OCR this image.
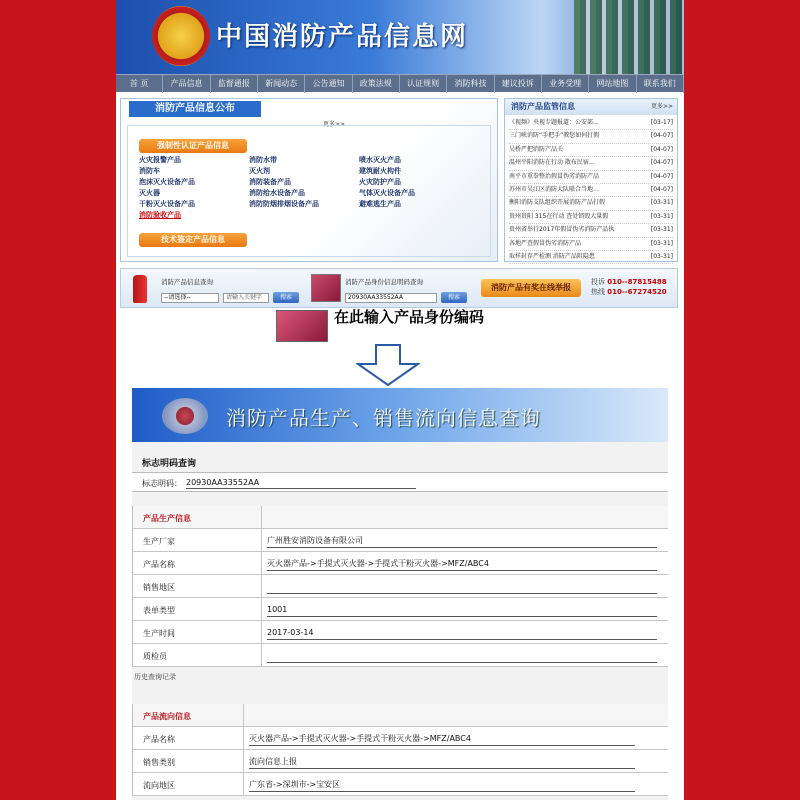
中国消防产品信息网
首 页	产品信息	监督通报	新闻动态	公告通知	政策法规	认证规则	消防科技	建议投诉	业务受理	网站地图	联系我们
消防产品信息公布
更多>>
强制性认证产品信息
火灾报警产品	消防水带	喷水灭火产品
消防车	灭火剂	建筑耐火构件
泡沫灭火设备产品	消防装备产品	火灾防护产品
灭火器	消防给水设备产品	气体灭火设备产品
干粉灭火设备产品	消防防烟排烟设备产品	避难逃生产品
消防验收产品
技术鉴定产品信息
消防产品监管信息	更多>>
《视频》央视专题报道：公安部…	[03-17]
三门峡消防“手把手”教您如何打假	[04-07]
吴桥严把消防产品关	[04-07]
温州平阳消防在行动 散布民宿…	[04-07]
南平市重拳整治假冒伪劣消防产品	[04-07]
苏州市吴江区消防大队联合当地…	[04-07]
衡阳消防支队组织开展消防产品打假	[03-31]
贵州贵阳 315在行动 查处销毁大量假	[03-31]
贵州省举行2017年假冒伪劣消防产品执	[03-31]
各地严查假冒伪劣消防产品	[03-31]
取样封存严检测 消防产品阻隐患	[03-31]
消防产品信息查询
--请选择--	请输入关键字	搜索
消防产品身份信息明码查询
20930AA33552AA	搜索
消防产品有奖在线举报
投诉 010--87815488
热线 010--67274520
在此输入产品身份编码
消防产品生产、销售流向信息查询
标志明码查询
标志明码： 20930AA33552AA
产品生产信息
生产厂家	广州胜安消防设备有限公司
产品名称	灭火器产品->手提式灭火器->手提式干粉灭火器->MFZ/ABC4
销售地区
表单类型	1001
生产时间	2017-03-14
质检员
历史查询记录
产品流向信息
产品名称	灭火器产品->手提式灭火器->手提式干粉灭火器->MFZ/ABC4
销售类别	流向信息上报
流向地区	广东省->深圳市->宝安区
